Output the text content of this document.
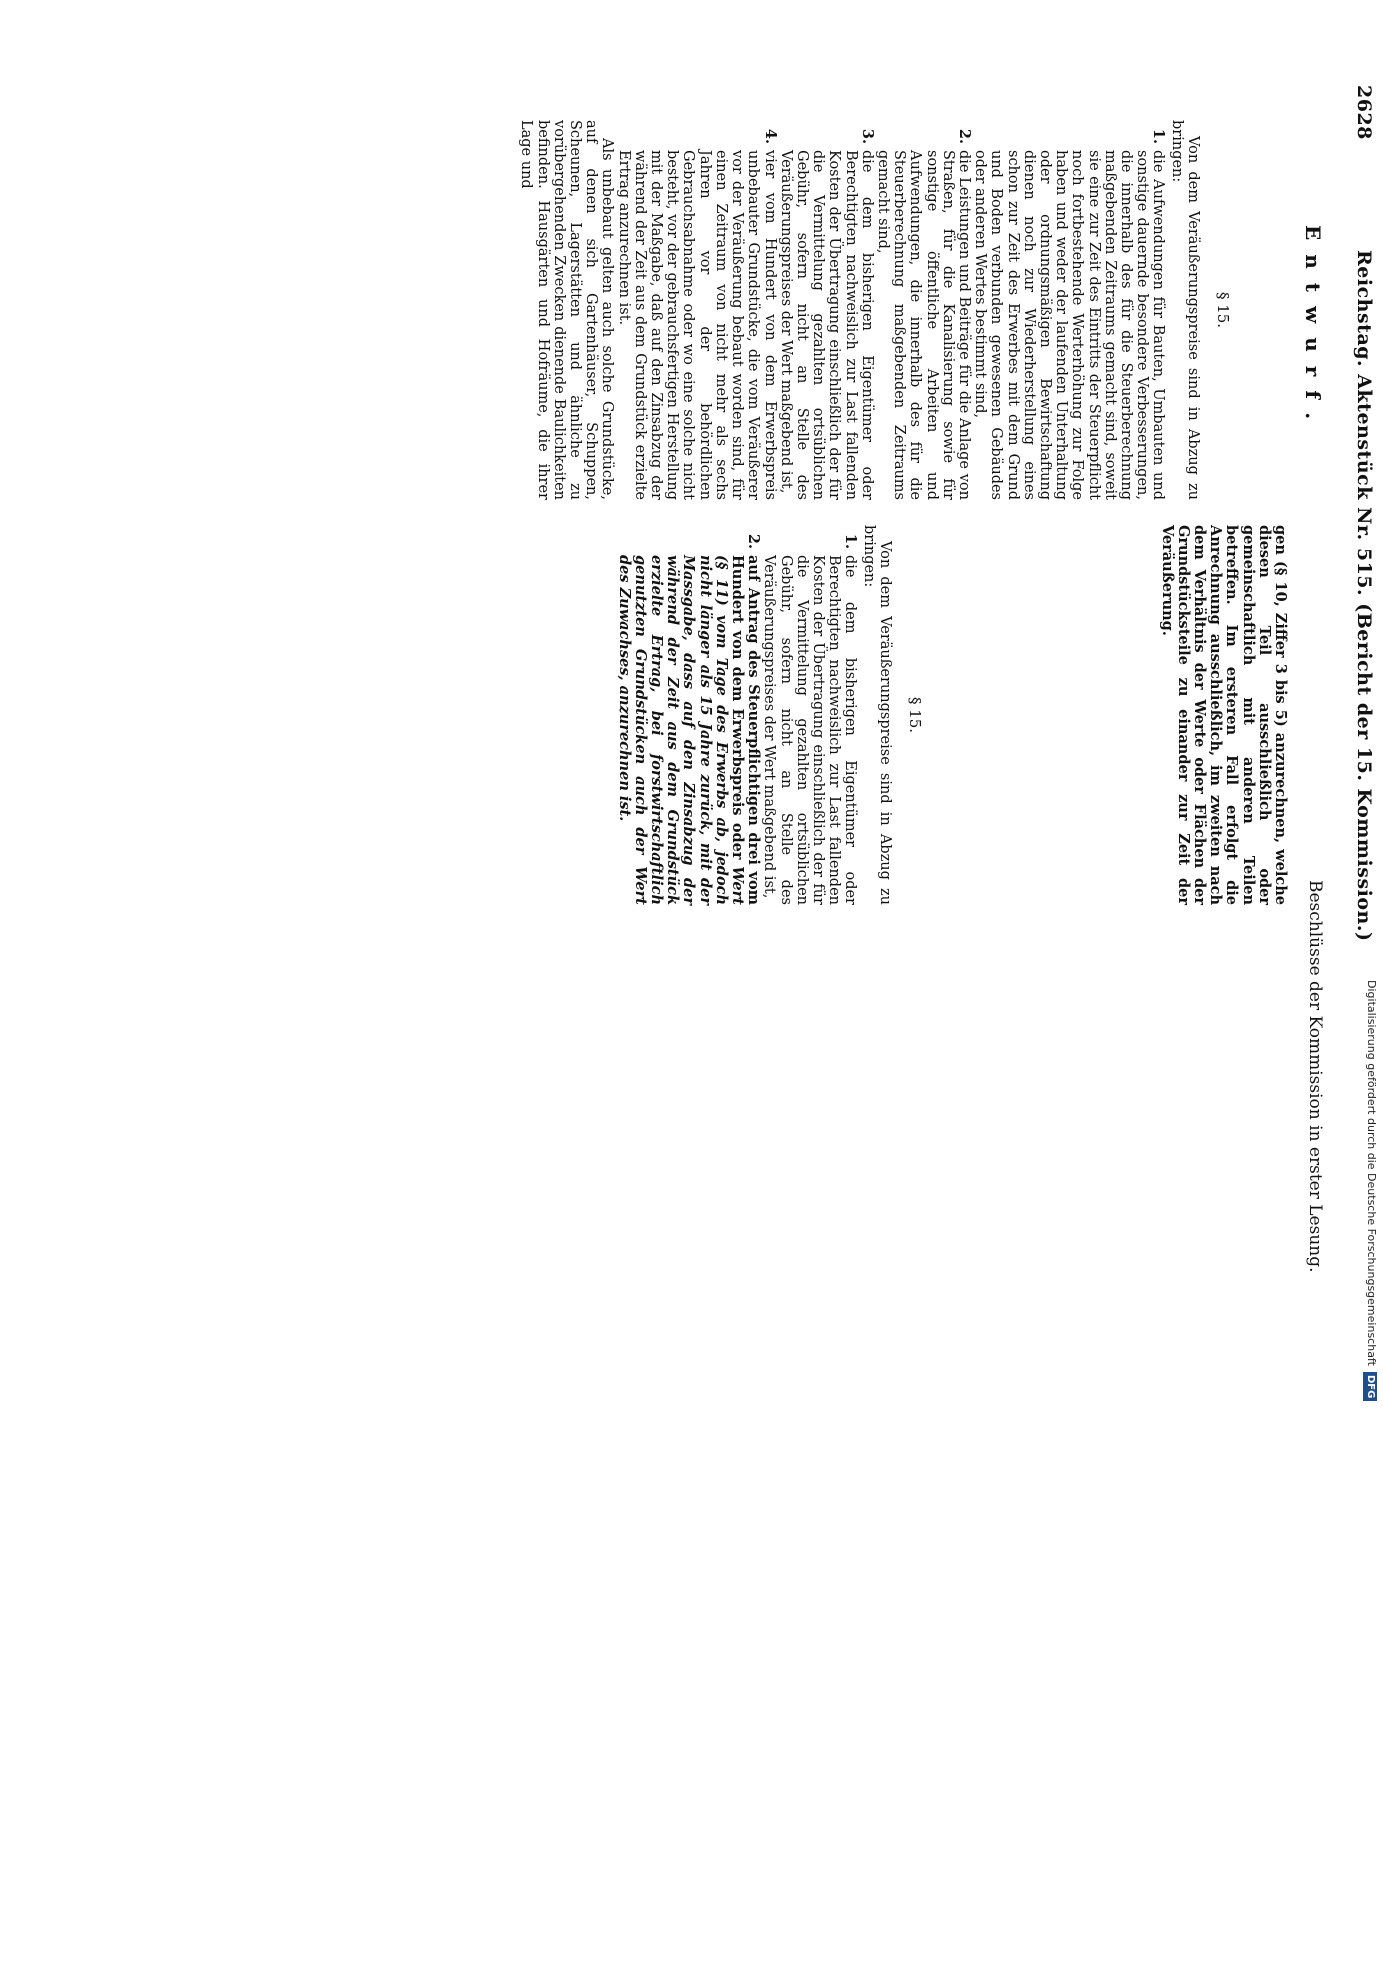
2628
Reichstag. Aktenstück Nr. 515. (Bericht der 15. Kommission.)
Entwurf.
Beschlüsse der Kommission in erster Lesung.

§ 15.

Von dem Veräußerungspreise sind in Abzug zu bringen:

1.
die Aufwendungen für Bauten, Umbauten und sonstige dauernde besondere Verbesserungen, die innerhalb des für die Steuerberechnung maßgebenden Zeitraums gemacht sind, soweit sie eine zur Zeit des Eintritts der Steuerpflicht noch fortbestehende Werterhöhung zur Folge haben und weder der laufenden Unterhaltung oder ordnungsmäßigen Bewirtschaftung dienen noch zur Wiederherstellung eines schon zur Zeit des Erwerbes mit dem Grund und Boden verbunden gewesenen Gebäudes oder anderen Wertes bestimmt sind,
2.
die Leistungen und Beiträge für die Anlage von Straßen, für die Kanalisierung sowie für sonstige öffentliche Arbeiten und Aufwendungen, die innerhalb des für die Steuerberechnung maßgebenden Zeitraums gemacht sind,
3.
die dem bisherigen Eigentümer oder Berechtigten nachweislich zur Last fallenden Kosten der Übertragung einschließlich der für die Vermittelung gezahlten ortsüblichen Gebühr, sofern nicht an Stelle des Veräußerungspreises der Wert maßgebend ist,
4.
vier vom Hundert von dem Erwerbspreis unbebauter Grundstücke, die vom Veräußerer vor der Veräußerung bebaut worden sind, für einen Zeitraum von nicht mehr als sechs Jahren vor der behördlichen Gebrauchsabnahme oder wo eine solche nicht besteht, vor der gebrauchsfertigen Herstellung mit der Maßgabe, daß auf den Zinsabzug der während der Zeit aus dem Grundstück erzielte Ertrag anzurechnen ist.

Als unbebaut gelten auch solche Grundstücke, auf denen sich Gartenhäuser, Schuppen, Scheunen, Lagerstätten und ähnliche zu vorübergehenden Zwecken dienende Baulichkeiten befinden. Hausgärten und Hofräume, die ihrer Lage und

gen (§ 10, Ziffer 3 bis 5) anzurechnen, welche diesen Teil ausschließlich oder gemeinschaftlich mit anderen Teilen betreffen. Im ersteren Fall erfolgt die Anrechnung ausschließlich, im zweiten nach dem Verhältnis der Werte oder Flächen der Grundstücksteile zu einander zur Zeit der Veräußerung.

§ 15.

Von dem Veräußerungspreise sind in Abzug zu bringen:

1.
die dem bisherigen Eigentümer oder Berechtigten nachweislich zur Last fallenden Kosten der Übertragung einschließlich der für die Vermittelung gezahlten ortsüblichen Gebühr, sofern nicht an Stelle des Veräußerungspreises der Wert maßgebend ist,
2.
auf Antrag des Steuerpflichtigen drei vom Hundert von dem Erwerbspreis oder Wert (§ 11) vom Tage des Erwerbs ab, jedoch nicht länger als 15 Jahre zurück, mit der Massgabe, dass auf den Zinsabzug der während der Zeit aus dem Grundstück erzielte Ertrag, bei forstwirtschaftlich genutzten Grundstücken auch der Wert des Zuwachses, anzurechnen ist.
Digitalisierung gefördert durch die Deutsche ForschungsgemeinschaftDFG
